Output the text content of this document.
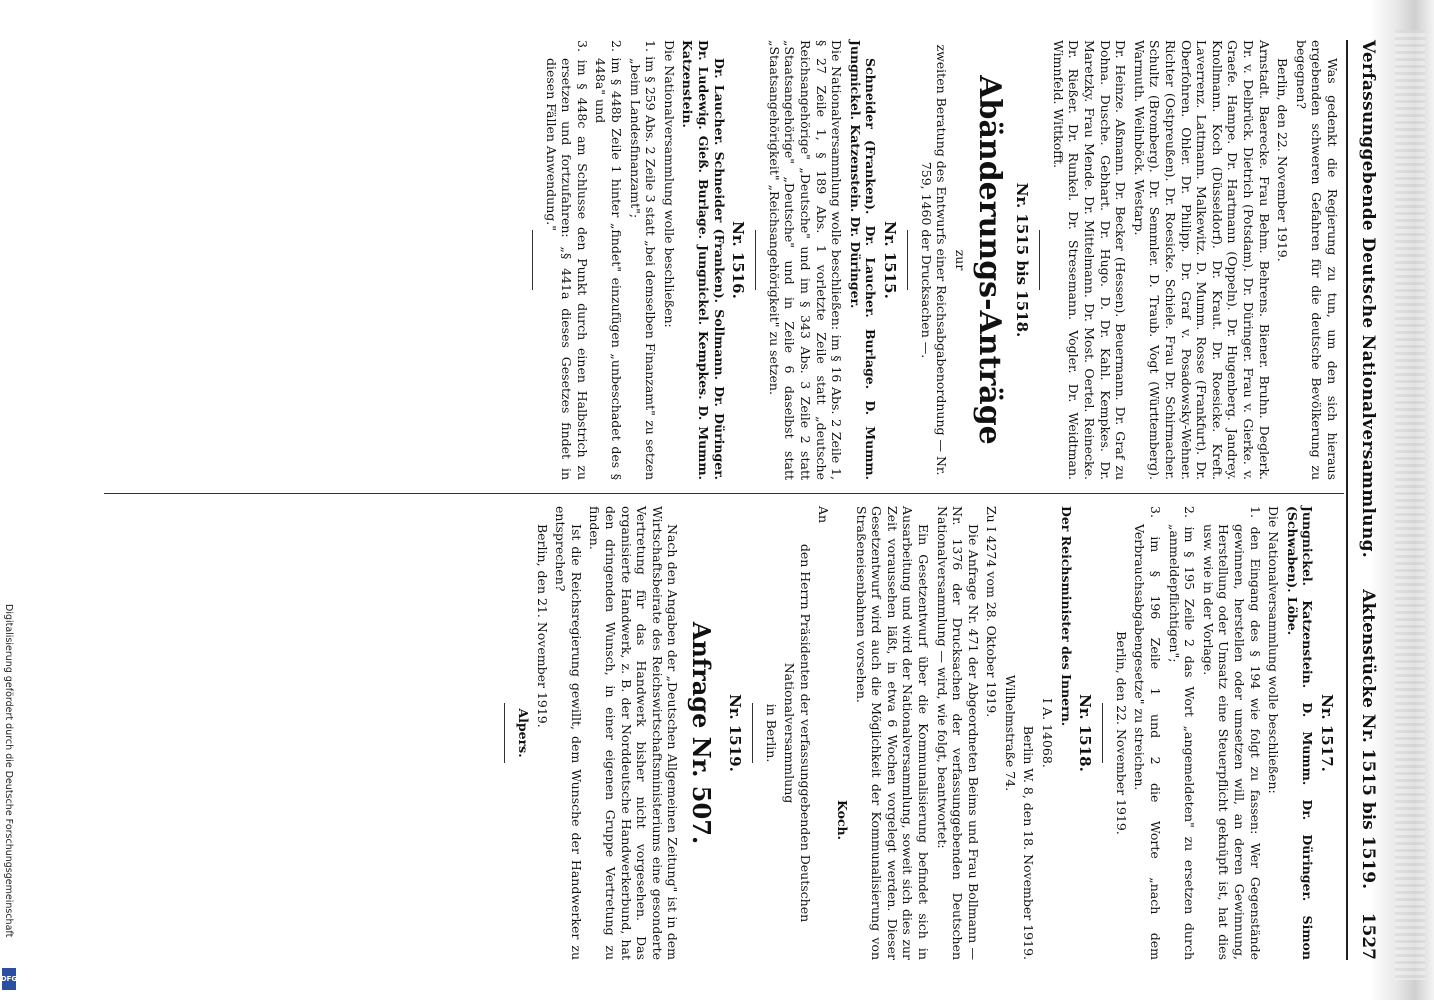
Digitalisierung gefördert durch die Deutsche Forschungsgemeinschaft
DFG
Verfassunggebende Deutsche Nationalversammlung.
Aktenstücke Nr. 1515 bis 1519.    1527

Was gedenkt die Regierung zu tun, um den sich hieraus ergebenden schweren Gefahren für die deutsche Bevölkerung zu begegnen?

Berlin, den 22. November 1919.

Arnstadt. Baerecke. Frau Behm. Behrens. Biener. Bruhn. Deglerk. Dr. v. Delbrück. Dietrich (Potsdam). Dr. Düringer. Frau v. Gierke. v. Graefe. Hampe. Dr. Hartmann (Oppeln). Dr. Hugenberg. Jandrey. Knollmann. Koch (Düsseldorf). Dr. Kraut. Dr. Roesicke. Kreft. Laverrenz. Lattmann. Malkewitz. D. Mumm. Rosse (Frankfurt). Dr. Oberfohren. Ohler. Dr. Philipp. Dr. Graf v. Posadowsky-Wehner. Richter (Ostpreußen). Dr. Roesicke. Schiele. Frau Dr. Schirmacher. Schultz (Bromberg). Dr. Semmler. D. Traub. Vogt (Württemberg). Warmuth. Weilnböck. Westarp.

Dr. Heinze. Aßmann. Dr. Becker (Hessen). Beuermann. Dr. Graf zu Dohna. Dusche. Gebhart. Dr. Hugo. D. Dr. Kahl. Kempkes. Dr. Maretzky. Frau Mende. Dr. Mittelmann. Dr. Most. Oertel. Reinecke. Dr. Rießer. Dr. Runkel. Dr. Stresemann. Vogler. Dr. Weidtman. Wimnfeld. Wittkofft.

Nr. 1515 bis 1518.
Abänderungs-Anträge

zur

zweiten Beratung des Entwurfs einer Reichsabgabenordnung — Nr. 759, 1460 der Drucksachen —.

Nr. 1515.

Schneider (Franken). Dr. Laucher. Burlage. D. Mumm. Jungnickel. Katzenstein. Dr. Düringer.

Die Nationalversammlung wolle beschließen: im § 16 Abs. 2 Zeile 1, § 27 Zeile 1, § 189 Abs. 1 vorletzte Zeile statt „deutsche Reichsangehörige" „Deutsche" und im § 343 Abs. 3 Zeile 2 statt „Staatsangehörige" „Deutsche" und in Zeile 6 daselbst statt „Staatsangehörigkeit" „Reichsangehörigkeit" zu setzen.

Nr. 1516.

Dr. Laucher. Schneider (Franken). Sollmann. Dr. Düringer. Dr. Ludewig. Gieß. Burlage. Jungnickel. Kempkes. D. Mumm. Katzenstein.

Die Nationalversammlung wolle beschließen:

1. im § 259 Abs. 2 Zeile 3 statt „bei demselben Finanzamt" zu setzen „beim Landesfinanzamt";

2. im § 448b Zeile 1 hinter „findet" einzufügen „unbeschadet des § 448a" und

3. im § 448c am Schlusse den Punkt durch einen Halbstrich zu ersetzen und fortzufahren: „§ 441a dieses Gesetzes findet in diesen Fällen Anwendung."

Nr. 1517.

Jungnickel. Katzenstein. D. Mumm. Dr. Düringer. Simon (Schwaben). Löbe.

Die Nationalversammlung wolle beschließen:

1. den Eingang des § 194 wie folgt zu fassen: Wer Gegenstände gewinnen, herstellen oder umsetzen will, an deren Gewinnung, Herstellung oder Umsatz eine Steuerpflicht geknüpft ist, hat dies usw. wie in der Vorlage.

2. im § 195 Zeile 2 das Wort „angemeldeten" zu ersetzen durch „anmeldepflichtigen";

3. im § 196 Zeile 1 und 2 die Worte „nach dem Verbrauchsabgabengesetze" zu streichen.

Berlin, den 22. November 1919.

Nr. 1518.

Der Reichsminister des Innern.

I A. 14068.

Berlin W. 8, den 18. November 1919.

Wilhelmstraße 74.

Zu I 4274 vom 28. Oktober 1919.

Die Anfrage Nr. 471 der Abgeordneten Beims und Frau Bollmann — Nr. 1376 der Drucksachen der verfassunggebenden Deutschen Nationalversammlung — wird, wie folgt, beantwortet:

Ein Gesetzentwurf über die Kommunalisierung befindet sich in Ausarbeitung und wird der Nationalversammlung, soweit sich dies zur Zeit voraussehen läßt, in etwa 6 Wochen vorgelegt werden. Dieser Gesetzentwurf wird auch die Möglichkeit der Kommunalisierung von Straßeneisenbahnen vorsehen.

Koch.

An

den Herrn Präsidenten der verfassunggebenden Deutschen Nationalversammlung

in Berlin.

Nr. 1519.
Anfrage Nr. 507.

Nach den Angaben der „Deutschen Allgemeinen Zeitung" ist in dem Wirtschaftsbeirate des Reichswirtschaftsministeriums eine gesonderte Vertretung für das Handwerk bisher nicht vorgesehen. Das organisierte Handwerk, z. B. der Norddeutsche Handwerkerbund, hat den dringenden Wunsch, in einer eigenen Gruppe Vertretung zu finden.

Ist die Reichsregierung gewillt, dem Wunsche der Handwerker zu entsprechen?

Berlin, den 21. November 1919.

Alpers.
